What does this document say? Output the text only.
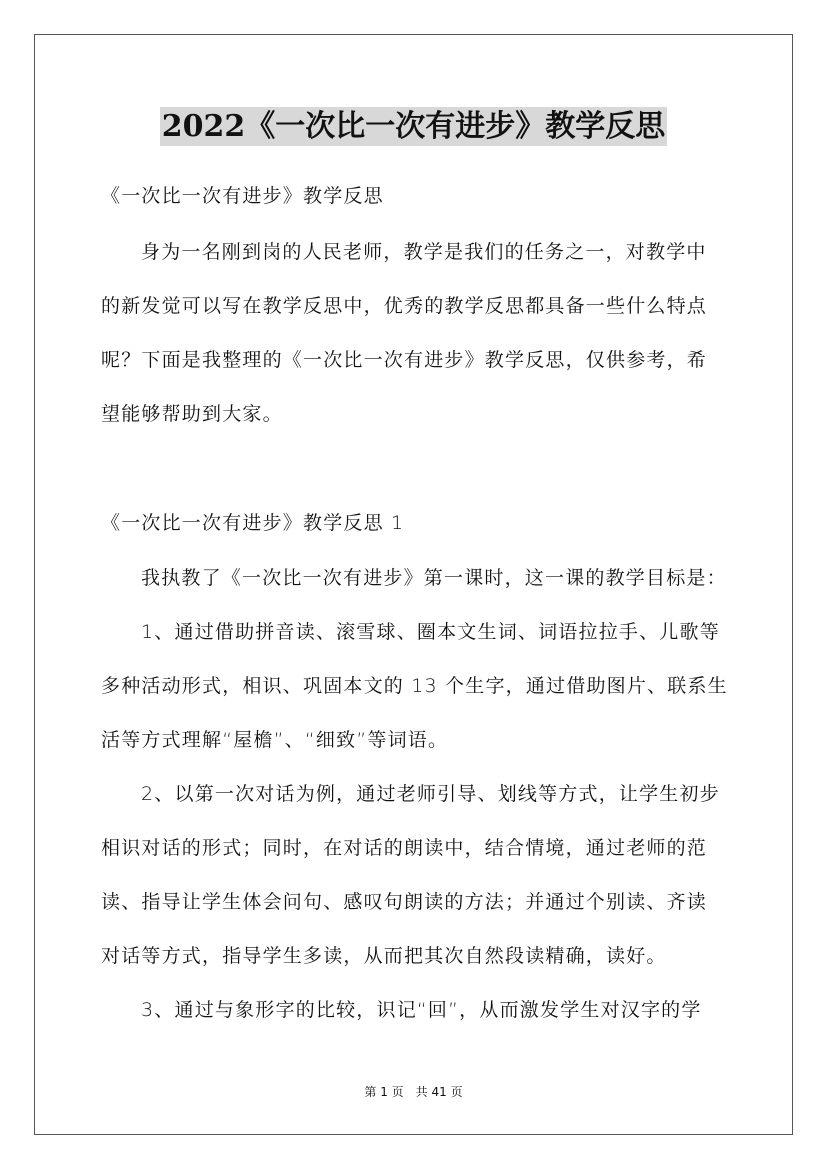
2022《一次比一次有进步》教学反思
《一次比一次有进步》教学反思
身为一名刚到岗的人民老师，教学是我们的任务之一，对教学中
的新发觉可以写在教学反思中，优秀的教学反思都具备一些什么特点
呢？下面是我整理的《一次比一次有进步》教学反思，仅供参考，希
望能够帮助到大家。
《一次比一次有进步》教学反思 1
我执教了《一次比一次有进步》第一课时，这一课的教学目标是：
1、通过借助拼音读、滚雪球、圈本文生词、词语拉拉手、儿歌等
多种活动形式，相识、巩固本文的 13 个生字，通过借助图片、联系生
活等方式理解“屋檐”、“细致”等词语。
2、以第一次对话为例，通过老师引导、划线等方式，让学生初步
相识对话的形式；同时，在对话的朗读中，结合情境，通过老师的范
读、指导让学生体会问句、感叹句朗读的方法；并通过个别读、齐读
对话等方式，指导学生多读，从而把其次自然段读精确，读好。
3、通过与象形字的比较，识记“回”，从而激发学生对汉字的学
第 1 页　共 41 页
